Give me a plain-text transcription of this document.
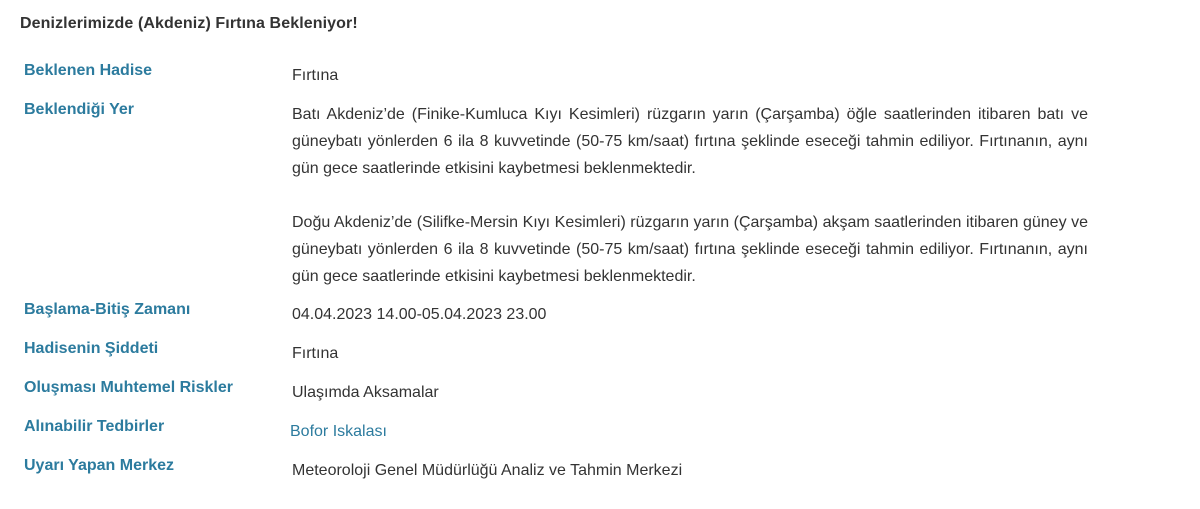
Denizlerimizde (Akdeniz) Fırtına Bekleniyor!
Beklenen Hadise	Fırtına
Beklendiği Yer	Batı Akdeniz’de (Finike-Kumluca Kıyı Kesimleri) rüzgarın yarın (Çarşamba) öğle saatlerinden itibaren batı ve güneybatı yönlerden 6 ila 8 kuvvetinde (50-75 km/saat) fırtına şeklinde eseceği tahmin ediliyor. Fırtınanın, aynı gün gece saatlerinde etkisini kaybetmesi beklenmektedir.

Doğu Akdeniz’de (Silifke-Mersin Kıyı Kesimleri) rüzgarın yarın (Çarşamba) akşam saatlerinden itibaren güney ve güneybatı yönlerden 6 ila 8 kuvvetinde (50-75 km/saat) fırtına şeklinde eseceği tahmin ediliyor. Fırtınanın, aynı gün gece saatlerinde etkisini kaybetmesi beklenmektedir.

Başlama-Bitiş Zamanı	04.04.2023 14.00-05.04.2023 23.00
Hadisenin Şiddeti	Fırtına
Oluşması Muhtemel Riskler	Ulaşımda Aksamalar
Alınabilir Tedbirler	Bofor Iskalası
Uyarı Yapan Merkez	Meteoroloji Genel Müdürlüğü Analiz ve Tahmin Merkezi
